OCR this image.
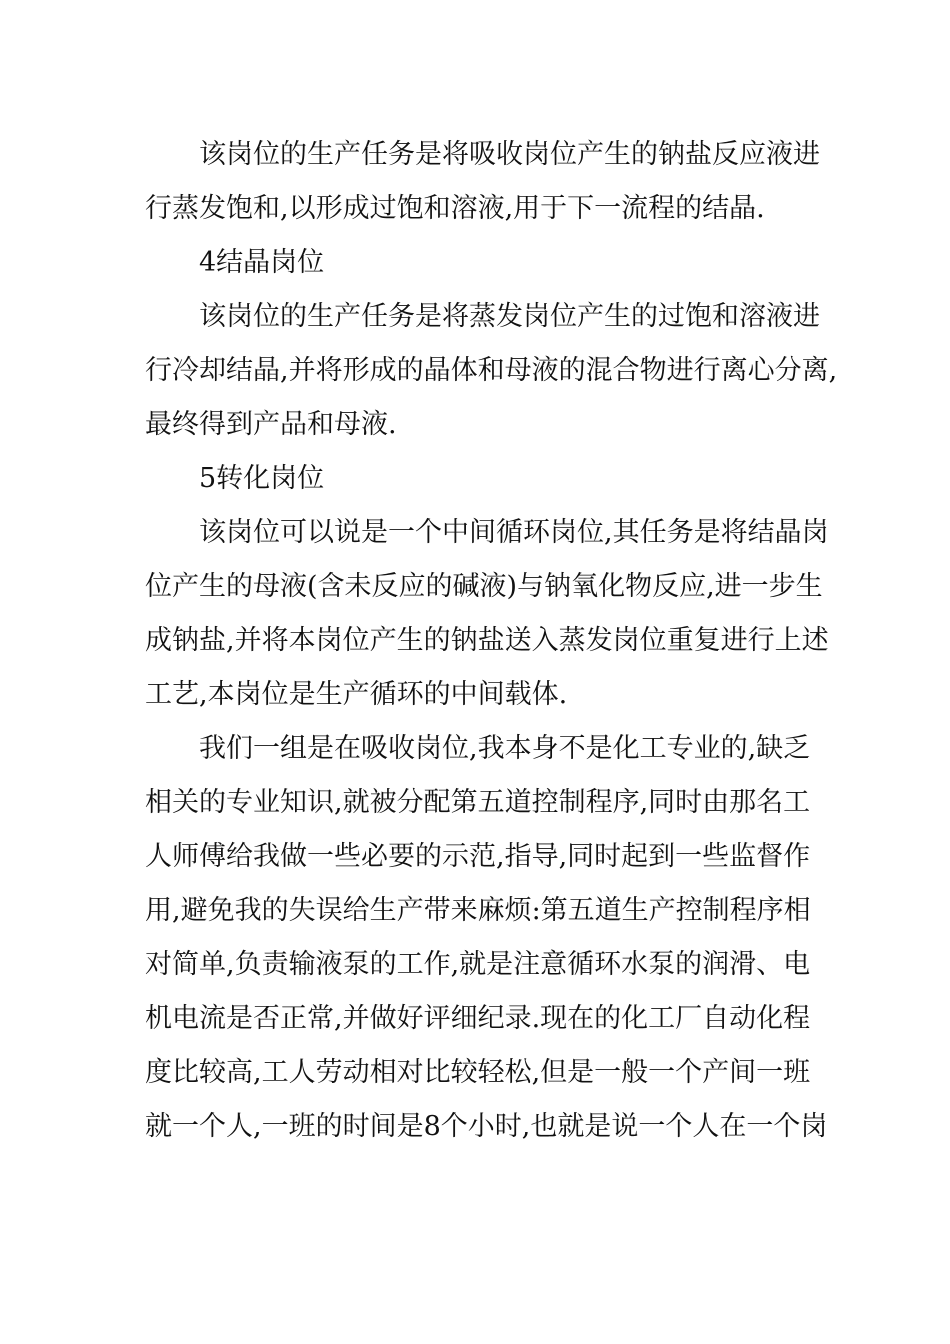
该岗位的生产任务是将吸收岗位产生的钠盐反应液进

行蒸发饱和,以形成过饱和溶液,用于下一流程的结晶.

4结晶岗位

该岗位的生产任务是将蒸发岗位产生的过饱和溶液进

行冷却结晶,并将形成的晶体和母液的混合物进行离心分离,

最终得到产品和母液.

5转化岗位

该岗位可以说是一个中间循环岗位,其任务是将结晶岗

位产生的母液(含未反应的碱液)与钠氧化物反应,进一步生

成钠盐,并将本岗位产生的钠盐送入蒸发岗位重复进行上述

工艺,本岗位是生产循环的中间载体.

我们一组是在吸收岗位,我本身不是化工专业的,缺乏

相关的专业知识,就被分配第五道控制程序,同时由那名工

人师傅给我做一些必要的示范,指导,同时起到一些监督作

用,避免我的失误给生产带来麻烦:第五道生产控制程序相

对简单,负责输液泵的工作,就是注意循环水泵的润滑、电

机电流是否正常,并做好评细纪录.现在的化工厂自动化程

度比较高,工人劳动相对比较轻松,但是一般一个产间一班

就一个人,一班的时间是8个小时,也就是说一个人在一个岗
